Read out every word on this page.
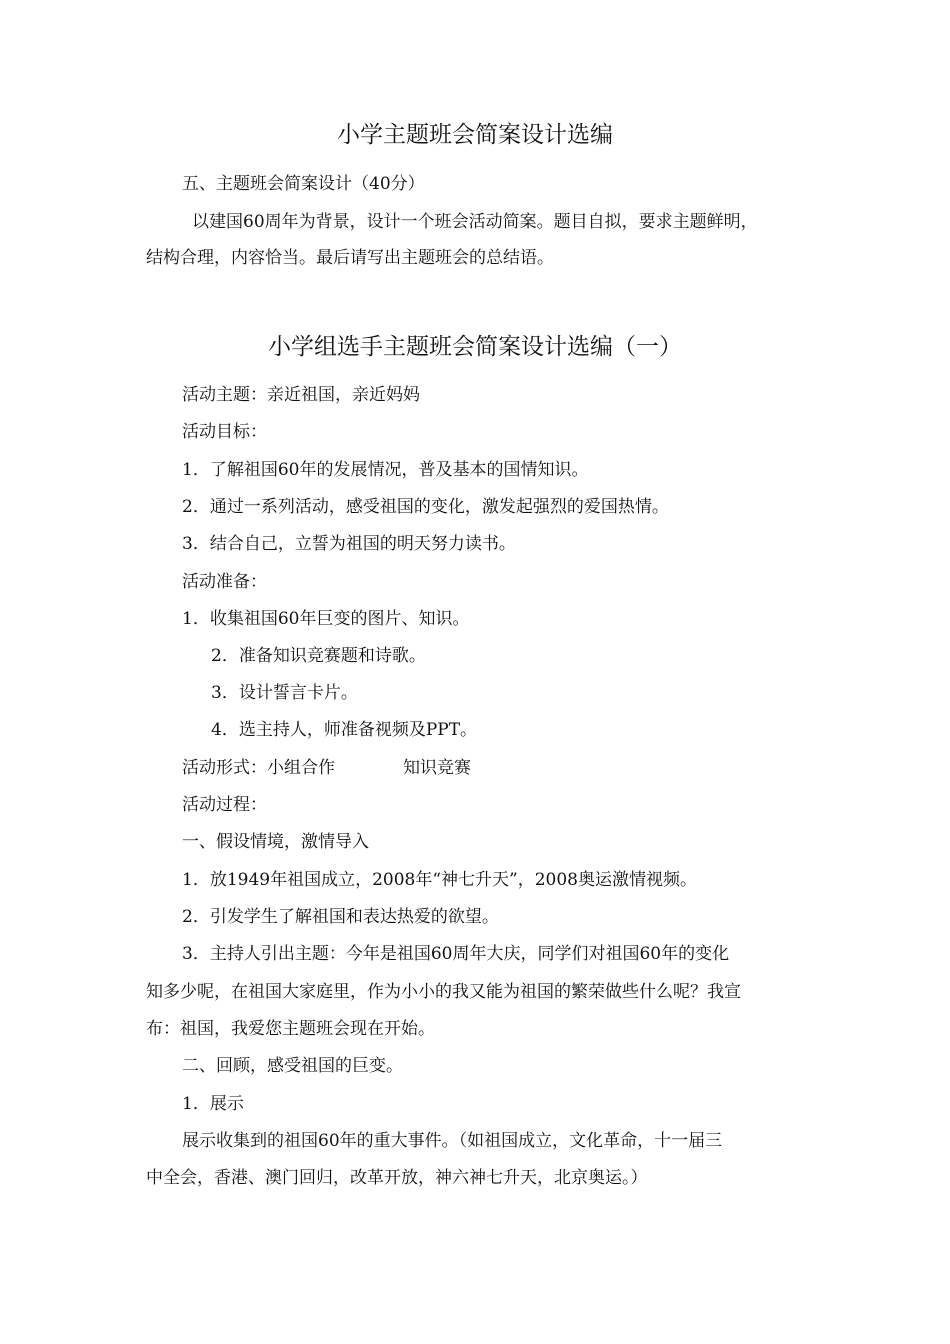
小学主题班会简案设计选编
五、主题班会简案设计（40分）
以建国60周年为背景，设计一个班会活动简案。题目自拟，要求主题鲜明，
结构合理，内容恰当。最后请写出主题班会的总结语。
小学组选手主题班会简案设计选编（一）
活动主题：亲近祖国，亲近妈妈
活动目标：
1．了解祖国60年的发展情况，普及基本的国情知识。
2．通过一系列活动，感受祖国的变化，激发起强烈的爱国热情。
3．结合自己，立誓为祖国的明天努力读书。
活动准备：
1．收集祖国60年巨变的图片、知识。
2．准备知识竞赛题和诗歌。
3．设计誓言卡片。
4．选主持人，师准备视频及PPT。
活动形式：小组合作	知识竞赛
活动过程：
一、假设情境，激情导入
1．放1949年祖国成立，2008年“神七升天”，2008奥运激情视频。
2．引发学生了解祖国和表达热爱的欲望。
3．主持人引出主题：今年是祖国60周年大庆，同学们对祖国60年的变化
知多少呢，在祖国大家庭里，作为小小的我又能为祖国的繁荣做些什么呢？我宣
布：祖国，我爱您主题班会现在开始。
二、回顾，感受祖国的巨变。
1．展示
展示收集到的祖国60年的重大事件。（如祖国成立，文化革命，十一届三
中全会，香港、澳门回归，改革开放，神六神七升天，北京奥运。）
